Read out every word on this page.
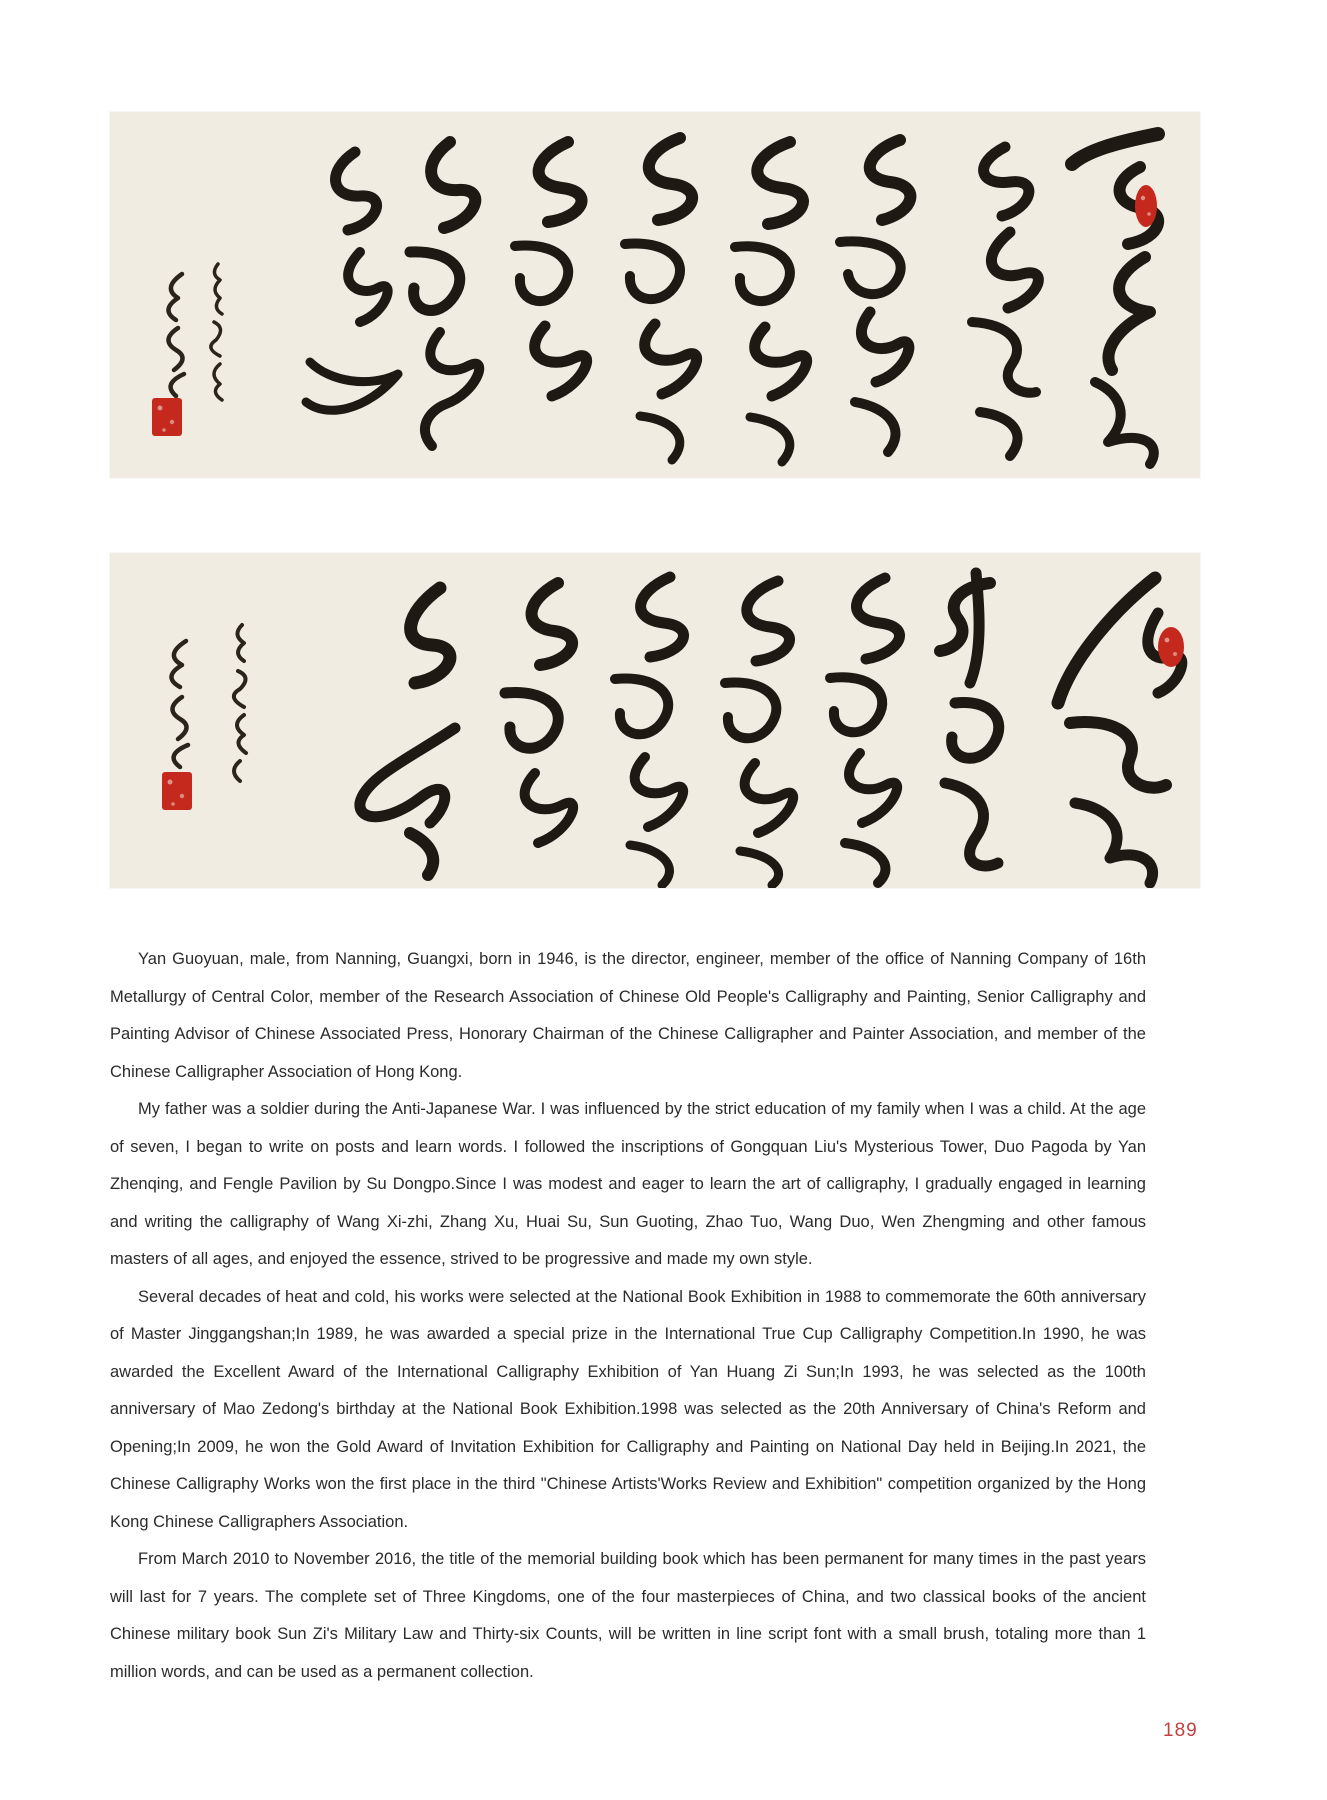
Yan Guoyuan, male, from Nanning, Guangxi, born in 1946, is the director, engineer, member of the office of Nanning Company of 16th Metallurgy of Central Color, member of the Research Association of Chinese Old People's Calligraphy and Painting, Senior Calligraphy and Painting Advisor of Chinese Associated Press, Honorary Chairman of the Chinese Calligrapher and Painter Association, and member of the Chinese Calligrapher Association of Hong Kong.

My father was a soldier during the Anti-Japanese War. I was influenced by the strict education of my family when I was a child. At the age of seven, I began to write on posts and learn words. I followed the inscriptions of Gongquan Liu's Mysterious Tower, Duo Pagoda by Yan Zhenqing, and Fengle Pavilion by Su Dongpo.Since I was modest and eager to learn the art of calligraphy, I gradually engaged in learning and writing the calligraphy of Wang Xi-zhi, Zhang Xu, Huai Su, Sun Guoting, Zhao Tuo, Wang Duo, Wen Zhengming and other famous masters of all ages, and enjoyed the essence, strived to be progressive and made my own style.

Several decades of heat and cold, his works were selected at the National Book Exhibition in 1988 to commemorate the 60th anniversary of Master Jinggangshan;In 1989, he was awarded a special prize in the International True Cup Calligraphy Competition.In 1990, he was awarded the Excellent Award of the International Calligraphy Exhibition of Yan Huang Zi Sun;In 1993, he was selected as the 100th anniversary of Mao Zedong's birthday at the National Book Exhibition.1998 was selected as the 20th Anniversary of China's Reform and Opening;In 2009, he won the Gold Award of Invitation Exhibition for Calligraphy and Painting on National Day held in Beijing.In 2021, the Chinese Calligraphy Works won the first place in the third "Chinese Artists'Works Review and Exhibition" competition organized by the Hong Kong Chinese Calligraphers Association.

From March 2010 to November 2016, the title of the memorial building book which has been permanent for many times in the past years will last for 7 years. The complete set of Three Kingdoms, one of the four masterpieces of China, and two classical books of the ancient Chinese military book Sun Zi's Military Law and Thirty-six Counts, will be written in line script font with a small brush, totaling more than 1 million words, and can be used as a permanent collection.

189
